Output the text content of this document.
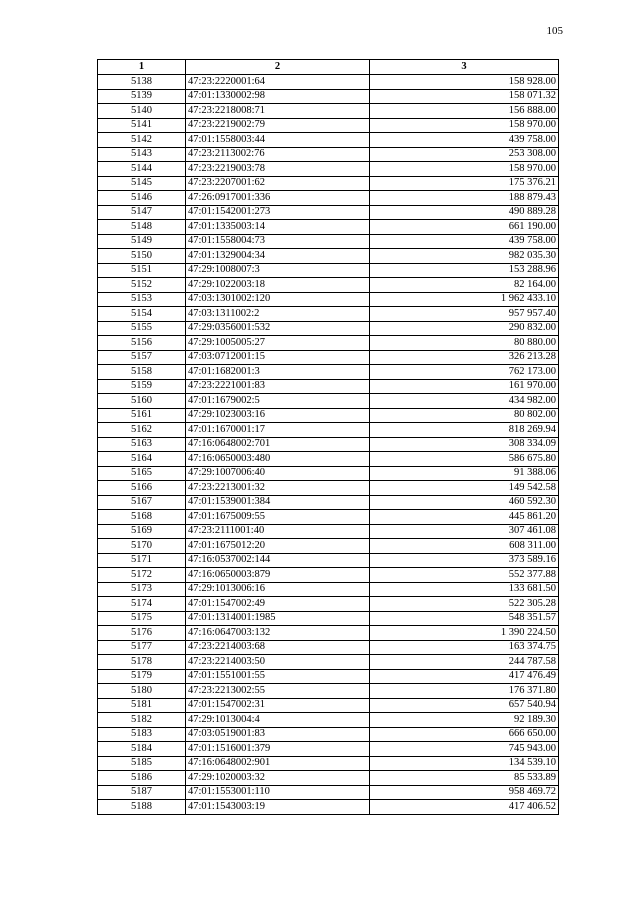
105
1	2	3
5138	47:23:2220001:64	158 928.00
5139	47:01:1330002:98	158 071.32
5140	47:23:2218008:71	156 888.00
5141	47:23:2219002:79	158 970.00
5142	47:01:1558003:44	439 758.00
5143	47:23:2113002:76	253 308.00
5144	47:23:2219003:78	158 970.00
5145	47:23:2207001:62	175 376.21
5146	47:26:0917001:336	188 879.43
5147	47:01:1542001:273	490 889.28
5148	47:01:1335003:14	661 190.00
5149	47:01:1558004:73	439 758.00
5150	47:01:1329004:34	982 035.30
5151	47:29:1008007:3	153 288.96
5152	47:29:1022003:18	82 164.00
5153	47:03:1301002:120	1 962 433.10
5154	47:03:1311002:2	957 957.40
5155	47:29:0356001:532	290 832.00
5156	47:29:1005005:27	80 880.00
5157	47:03:0712001:15	326 213.28
5158	47:01:1682001:3	762 173.00
5159	47:23:2221001:83	161 970.00
5160	47:01:1679002:5	434 982.00
5161	47:29:1023003:16	80 802.00
5162	47:01:1670001:17	818 269.94
5163	47:16:0648002:701	308 334.09
5164	47:16:0650003:480	586 675.80
5165	47:29:1007006:40	91 388.06
5166	47:23:2213001:32	149 542.58
5167	47:01:1539001:384	460 592.30
5168	47:01:1675009:55	445 861.20
5169	47:23:2111001:40	307 461.08
5170	47:01:1675012:20	608 311.00
5171	47:16:0537002:144	373 589.16
5172	47:16:0650003:879	552 377.88
5173	47:29:1013006:16	133 681.50
5174	47:01:1547002:49	522 305.28
5175	47:01:1314001:1985	548 351.57
5176	47:16:0647003:132	1 390 224.50
5177	47:23:2214003:68	163 374.75
5178	47:23:2214003:50	244 787.58
5179	47:01:1551001:55	417 476.49
5180	47:23:2213002:55	176 371.80
5181	47:01:1547002:31	657 540.94
5182	47:29:1013004:4	92 189.30
5183	47:03:0519001:83	666 650.00
5184	47:01:1516001:379	745 943.00
5185	47:16:0648002:901	134 539.10
5186	47:29:1020003:32	85 533.89
5187	47:01:1553001:110	958 469.72
5188	47:01:1543003:19	417 406.52
